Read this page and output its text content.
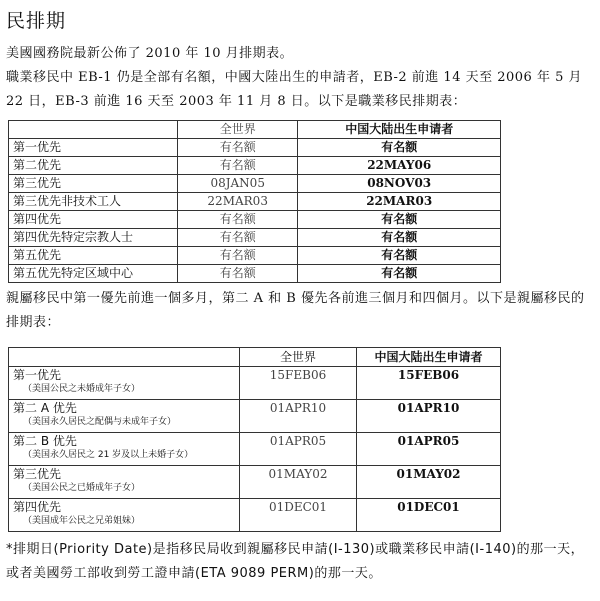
民排期

美國國務院最新公佈了 2010 年 10 月排期表。

職業移民中 EB-1 仍是全部有名額，中國大陸出生的申請者，EB-2 前進 14 天至 2006 年 5 月 22 日，EB-3 前進 16 天至 2003 年 11 月 8 日。以下是職業移民排期表：

	全世界	中国大陆出生申请者
第一优先	有名额	有名额
第二优先	有名额	22MAY06
第三优先	08JAN05	08NOV03
第三优先非技术工人	22MAR03	22MAR03
第四优先	有名额	有名额
第四优先特定宗教人士	有名额	有名额
第五优先	有名额	有名额
第五优先特定区域中心	有名额	有名额

親屬移民中第一優先前進一個多月，第二 A 和 B 優先各前進三個月和四個月。以下是親屬移民的排期表：

	全世界	中国大陆出生申请者
第一优先
（美国公民之未婚成年子女）	15FEB06	15FEB06
第二 A 优先
（美国永久居民之配偶与未成年子女）	01APR10	01APR10
第二 B 优先
（美国永久居民之 21 岁及以上未婚子女）	01APR05	01APR05
第三优先
（美国公民之已婚成年子女）	01MAY02	01MAY02
第四优先
（美国成年公民之兄弟姐妹）	01DEC01	01DEC01

*排期日(Priority Date)是指移民局收到親屬移民申請(I-130)或職業移民申請(I-140)的那一天，或者美國勞工部收到勞工證申請(ETA 9089 PERM)的那一天。
